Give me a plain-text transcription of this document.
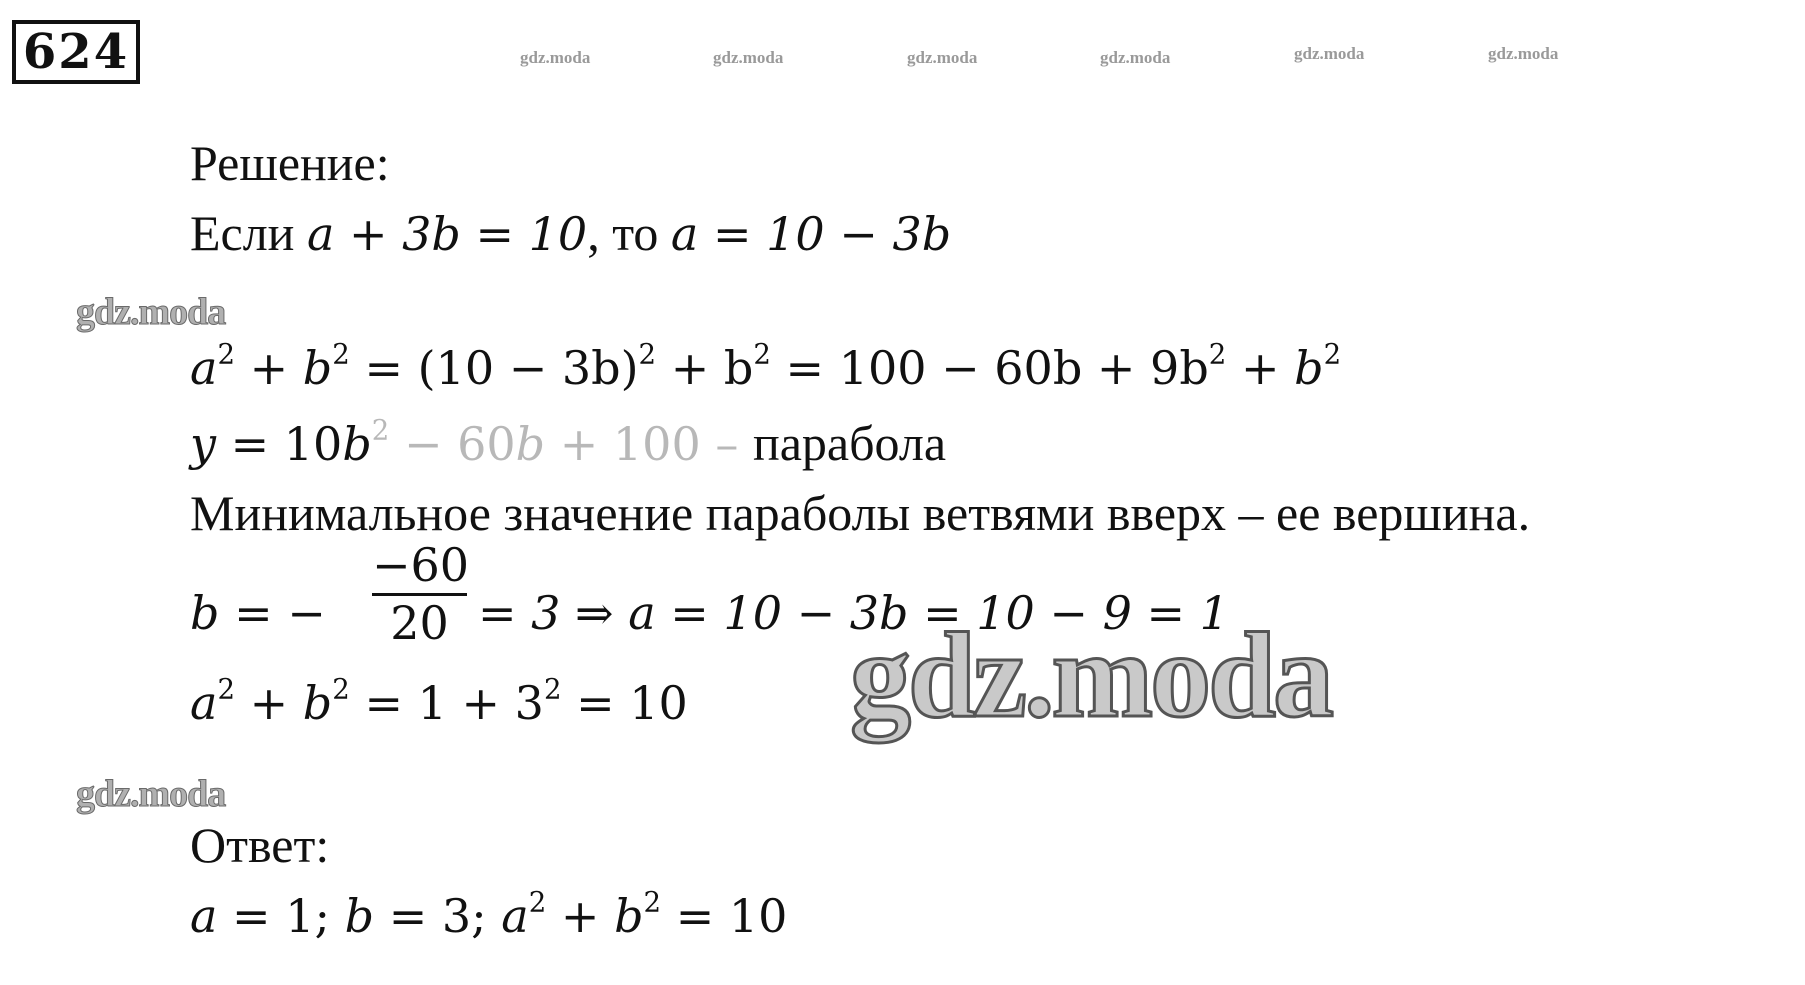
624	gdz.moda	gdz.moda	gdz.moda	gdz.moda	gdz.moda	gdz.moda
gdz.moda
gdz.moda
Решение:
Если a + 3b = 10, то a = 10 − 3b
$a^2 + b^2 = (10 - 3b)^2 + b^2 = 100 - 60b + 9b^2 + b^2$
$y = 10b^2 - 60b + 100$ – парабола
Минимальное значение параболы ветвями вверх – ее вершина.
b = −
−60
20 = 3 ⇒ a = 10 − 3b = 10 − 9 = 1
$a^2 + b^2 = 1 + 3^2 = 10$ gdz.moda
Ответ:
a = 1; b = 3; $a^2 + b^2 = 10$
